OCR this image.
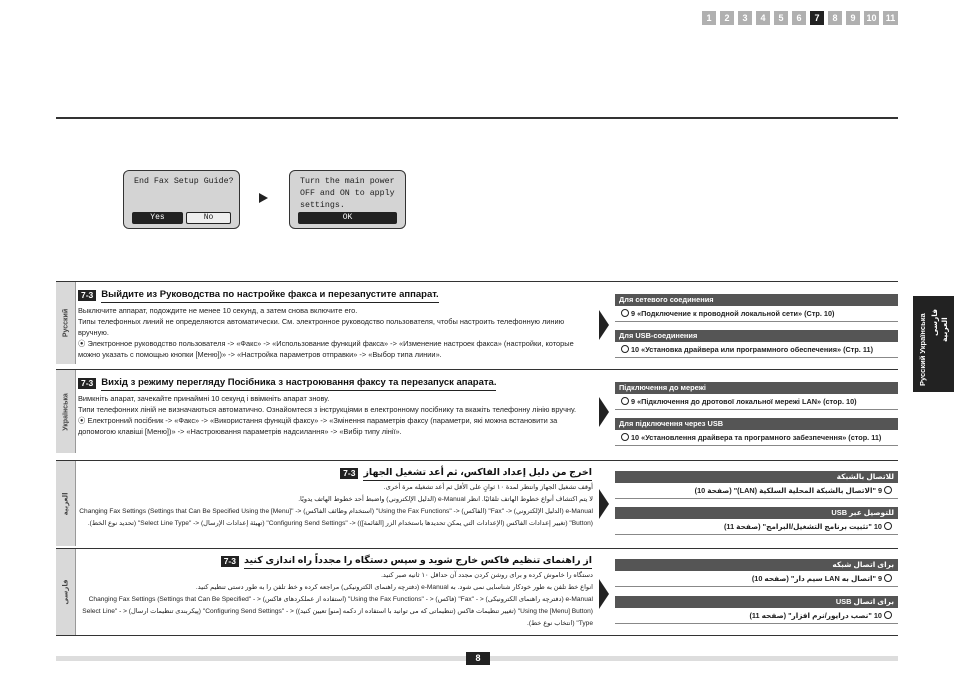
1	2	3	4	5	6	7	8	9	10	11
End Fax Setup Guide?
Yes	No
Turn the main power
OFF and ON to apply
settings.
OK
Русский
7-3 Выйдите из Руководства по настройке факса и перезапустите аппарат.

Выключите аппарат, подождите не менее 10 секунд, а затем снова включите его.

Типы телефонных линий не определяются автоматически. См. электронное руководство пользователя, чтобы настроить телефонную линию вручную.

⦿ Электронное руководство пользователя -> «Факс» -> «Использование функций факса» -> «Изменение настроек факса» (настройки, которые можно указать с помощью кнопки [Меню])» -> «Настройка параметров отправки» -> «Выбор типа линии».

Для сетевого соединения
9 «Подключение к проводной локальной сети» (Стр. 10)
Для USB-соединения
10 «Установка драйвера или программного обеспечения» (Стр. 11)
Українська
7-3 Вихід з режиму перегляду Посібника з настроювання факсу та перезапуск апарата.

Вимкніть апарат, зачекайте принаймні 10 секунд і ввімкніть апарат знову.

Типи телефонних ліній не визначаються автоматично. Ознайомтеся з інструкціями в електронному посібнику та вкажіть телефонну лінію вручну.

⦿ Електронний посібник -> «Факс» -> «Використання функцій факсу» -> «Змінення параметрів факсу (параметри, які можна встановити за допомогою клавіші [Меню])» -> «Настроювання параметрів надсилання» -> «Вибір типу лінії».

Підключення до мережі
9 «Підключення до дротової локальної мережі LAN» (стор. 10)
Для підключення через USB
10 «Установлення драйвера та програмного забезпечення» (стор. 11)
العربية
7-3 اخرج من دليل إعداد الفاكس، ثم أعد تشغيل الجهاز

أوقف تشغيل الجهاز وانتظر لمدة ١٠ ثوانٍ على الأقل ثم أعد تشغيله مرة أخرى.

لا يتم اكتشاف أنواع خطوط الهاتف تلقائيًا. انظر e-Manual (الدليل الإلكتروني) واضبط أحد خطوط الهاتف يدويًا.

e-Manual (الدليل الإلكتروني) <- "Fax" (الفاكس) <- "Using the Fax Functions" (استخدام وظائف الفاكس) <- "Changing Fax Settings (Settings that Can Be Specified Using the [Menu] Button)" (تغيير إعدادات الفاكس (الإعدادات التي يمكن تحديدها باستخدام الزر [القائمة])) <- "Configuring Send Settings" (تهيئة إعدادات الإرسال) <- "Select Line Type" (تحديد نوع الخط).

للاتصال بالشبكة
9 "الاتصال بالشبكة المحلية السلكية (LAN)" (صفحة 10)
للتوصيل عبر USB
10 "تثبيت برنامج التشغيل/البرامج" (صفحة 11)
فارسی
7-3 از راهنمای تنظیم فاکس خارج شوید و سپس دستگاه را مجدداً راه اندازی کنید

دستگاه را خاموش کرده و برای روشن کردن مجدد آن حداقل ۱۰ ثانیه صبر کنید.

انواع خط تلفن به طور خودکار شناسایی نمی شود. به e-Manual (دفترچه راهنمای الکترونیکی) مراجعه کرده و خط تلفن را به طور دستی تنظیم کنید.

e-Manual (دفترچه راهنمای الکترونیکی) < - "Fax" (فاکس) < - "Using the Fax Functions" (استفاده از عملکردهای فاکس) < - "Changing Fax Settings (Settings that Can Be Specified Using the [Menu] Button)" (تغییر تنظیمات فاکس (تنظیماتی که می توانید با استفاده از دکمه [منو] تعیین کنید)) < - "Configuring Send Settings" (پیکربندی تنظیمات ارسال) < - "Select Line Type" (انتخاب نوع خط).

برای اتصال شبکه
9 "اتصال به LAN سیم دار" (صفحه 10)
برای اتصال USB
10 "نصب درایور/نرم افزار" (صفحه 11)
Русский Українська فارسی العربية
8
